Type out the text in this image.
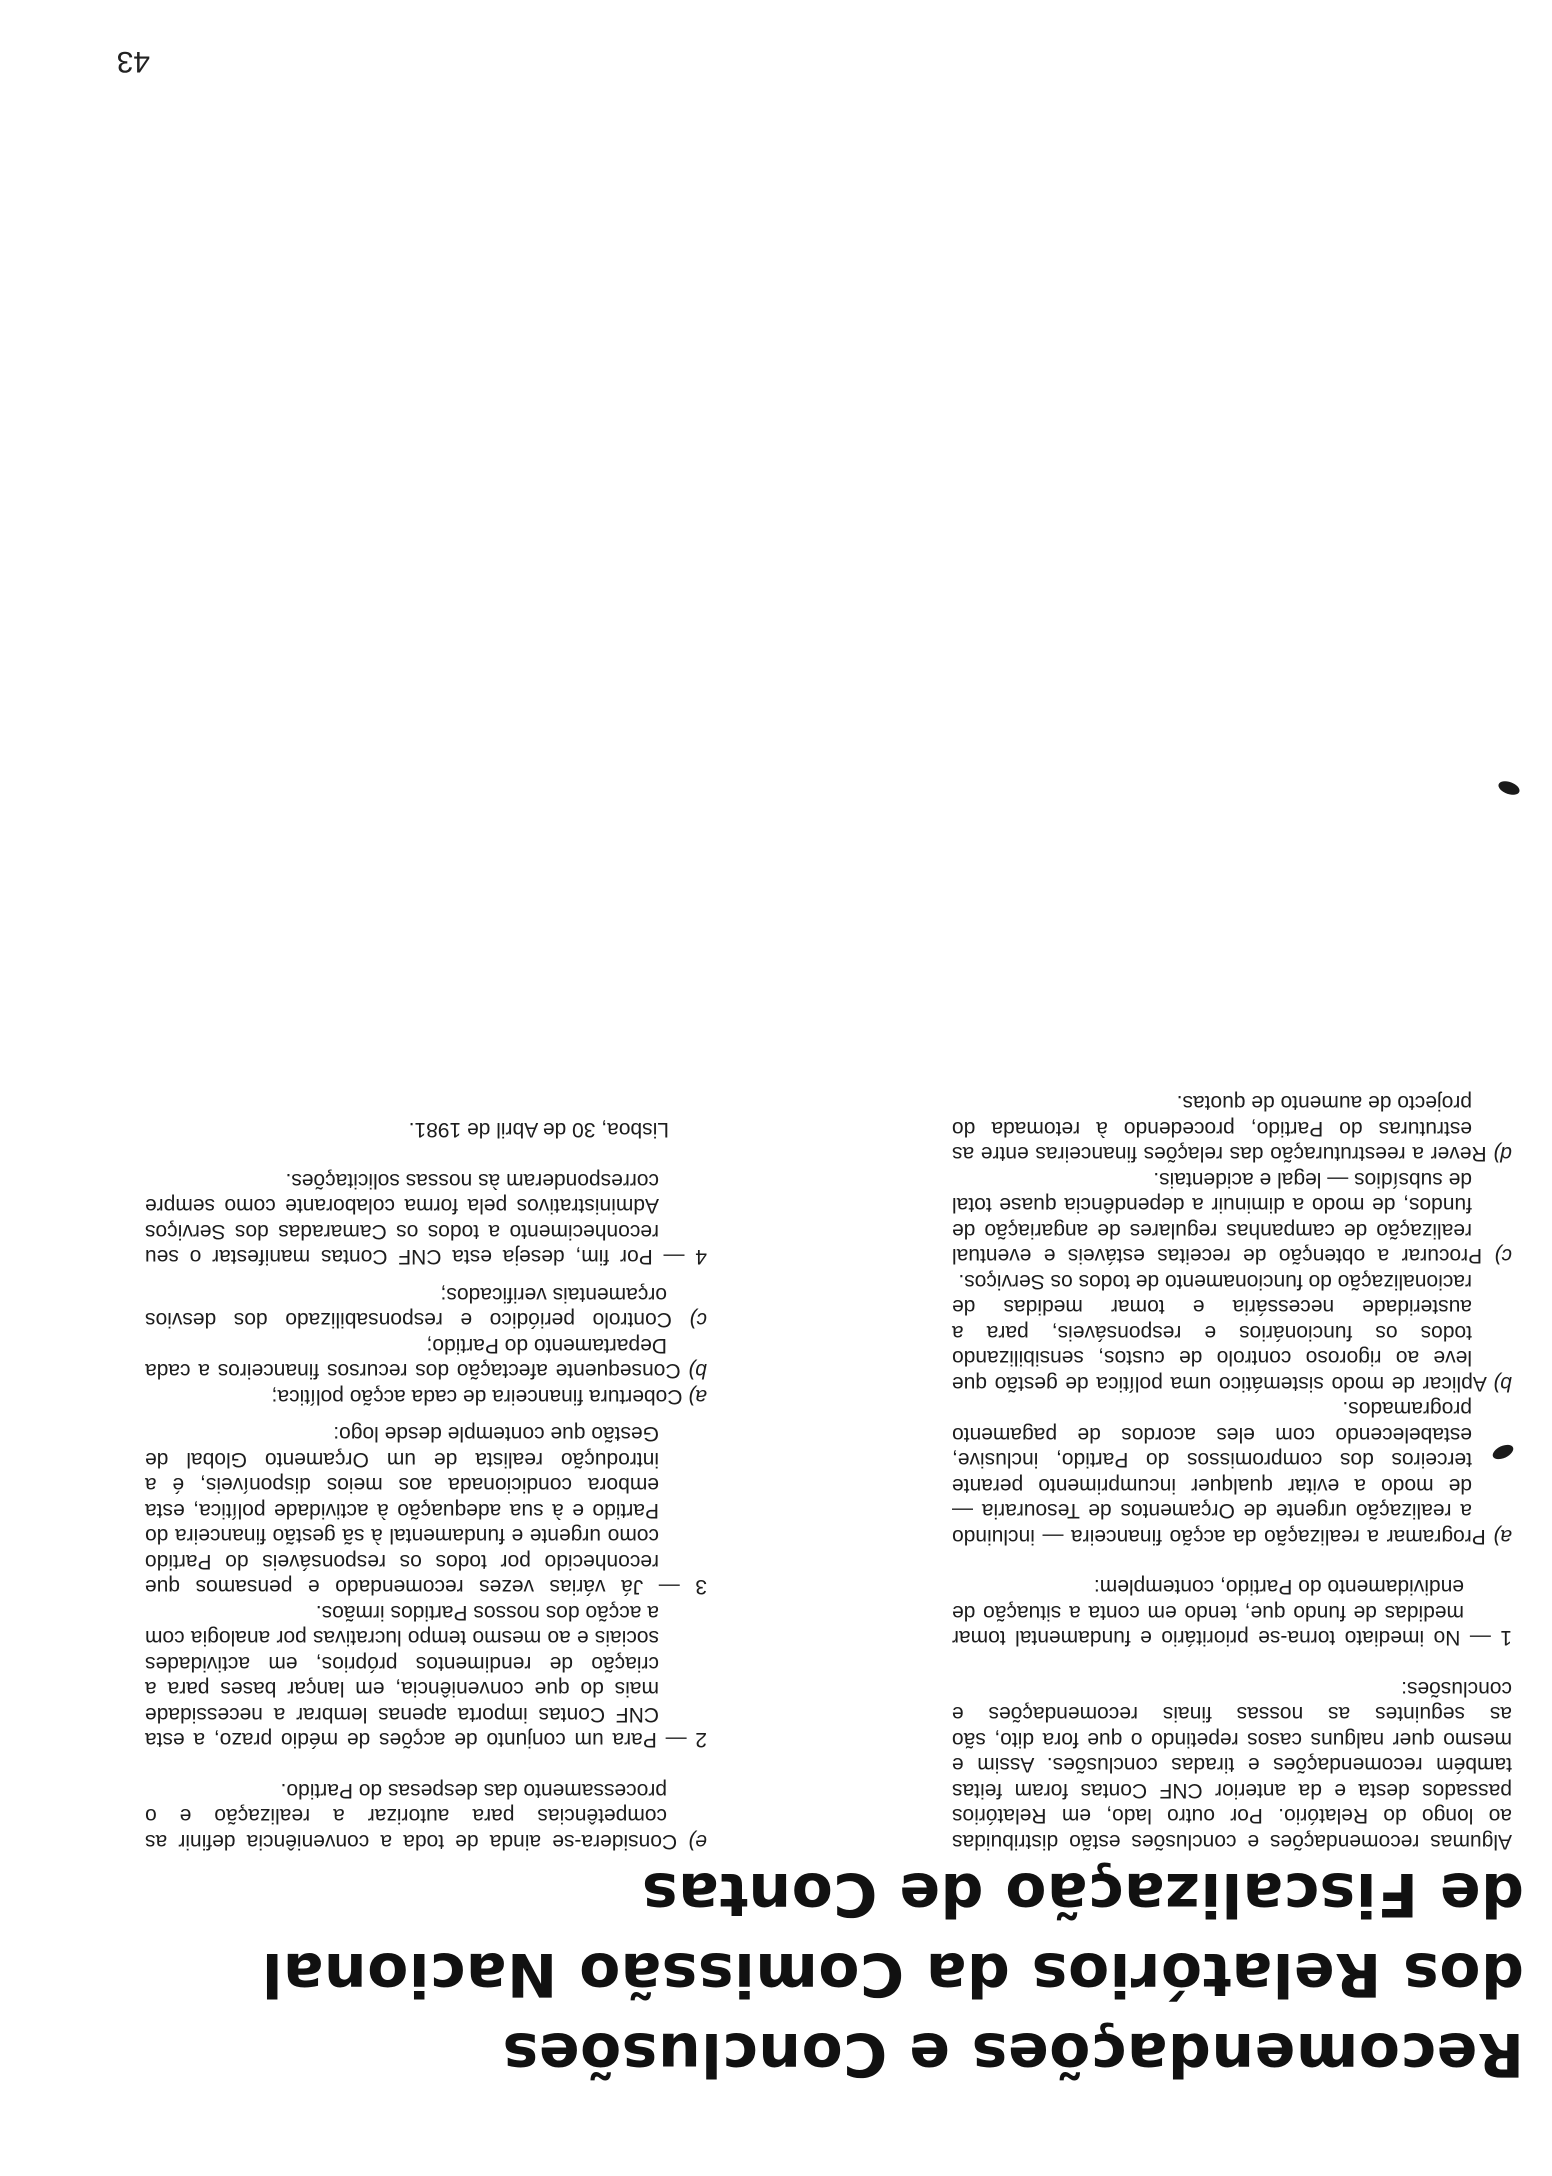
Recomendações e Conclusões
dos Relatórios da Comissão Nacional
de Fiscalização de Contas

Algumas recomendações e conclusões estão distribuidas ao longo do Relatório. Por outro lado, em Relatórios passados desta e da anterior CNF Contas foram feitas também recomendações e tiradas conclusões. Assim e mesmo quer nalguns casos repetindo o que fora dito, são as seguintes as nossas finais recomendações e conclusões:

1 — No imediato torna-se prioritário e fundamental tomar medidas de fundo que, tendo em conta a situação de endividamento do Partido, contemplem:

a) Programar a realização da acção financeira — incluindo a realização urgente de Orçamentos de Tesouraria — de modo a evitar qualquer incumprimento perante terceiros dos compromissos do Partido, inclusive, estabelecendo com eles acordos de pagamento programados.

b) Aplicar de modo sistemático uma política de gestão que leve ao rigoroso controlo de custos, sensibilizando todos os funcionários e responsáveis, para a austeridade necessária e tomar medidas de racionalização do funcionamento de todos os Serviços.

c) Procurar a obtenção de receitas estáveis e eventual realização de campanhas regulares de angariação de fundos, de modo a diminuir a dependência quase total de subsídios — legal e acidentais.

d) Rever a reestruturação das relações financeiras entre as estruturas do Partido, procedendo à retomada do projecto de aumento de quotas.

e) Considera-se ainda de toda a conveniência definir as competências para autorizar a realização e o processamento das despesas do Partido.

2 — Para um conjunto de acções de médio prazo, a esta CNF Contas importa apenas lembrar a necessidade mais do que conveniência, em lançar bases para a criação de rendimentos próprios, em actividades sociais e ao mesmo tempo lucrativas por analogia com a acção dos nossos Partidos irmãos.

3 — Já várias vezes recomendado e pensamos que reconhecido por todos os responsáveis do Partido como urgente e fundamental à sã gestão financeira do Partido e à sua adequação à actividade política, esta embora condicionada aos meios disponíveis, é a introdução realista de um Orçamento Global de Gestão que contemple desde logo:

a) Cobertura financeira de cada acção política;

b) Consequente afectação dos recursos financeiros a cada Departamento do Partido;

c) Controlo periódico e responsabilizado dos desvios orçamentais verificados;

4 — Por fim, deseja esta CNF Contas manifestar o seu reconhecimento a todos os Camaradas dos Serviços Administrativos pela forma colaborante como sempre corresponderam às nossas solicitações.

Lisboa, 30 de Abril de 1981.

43
